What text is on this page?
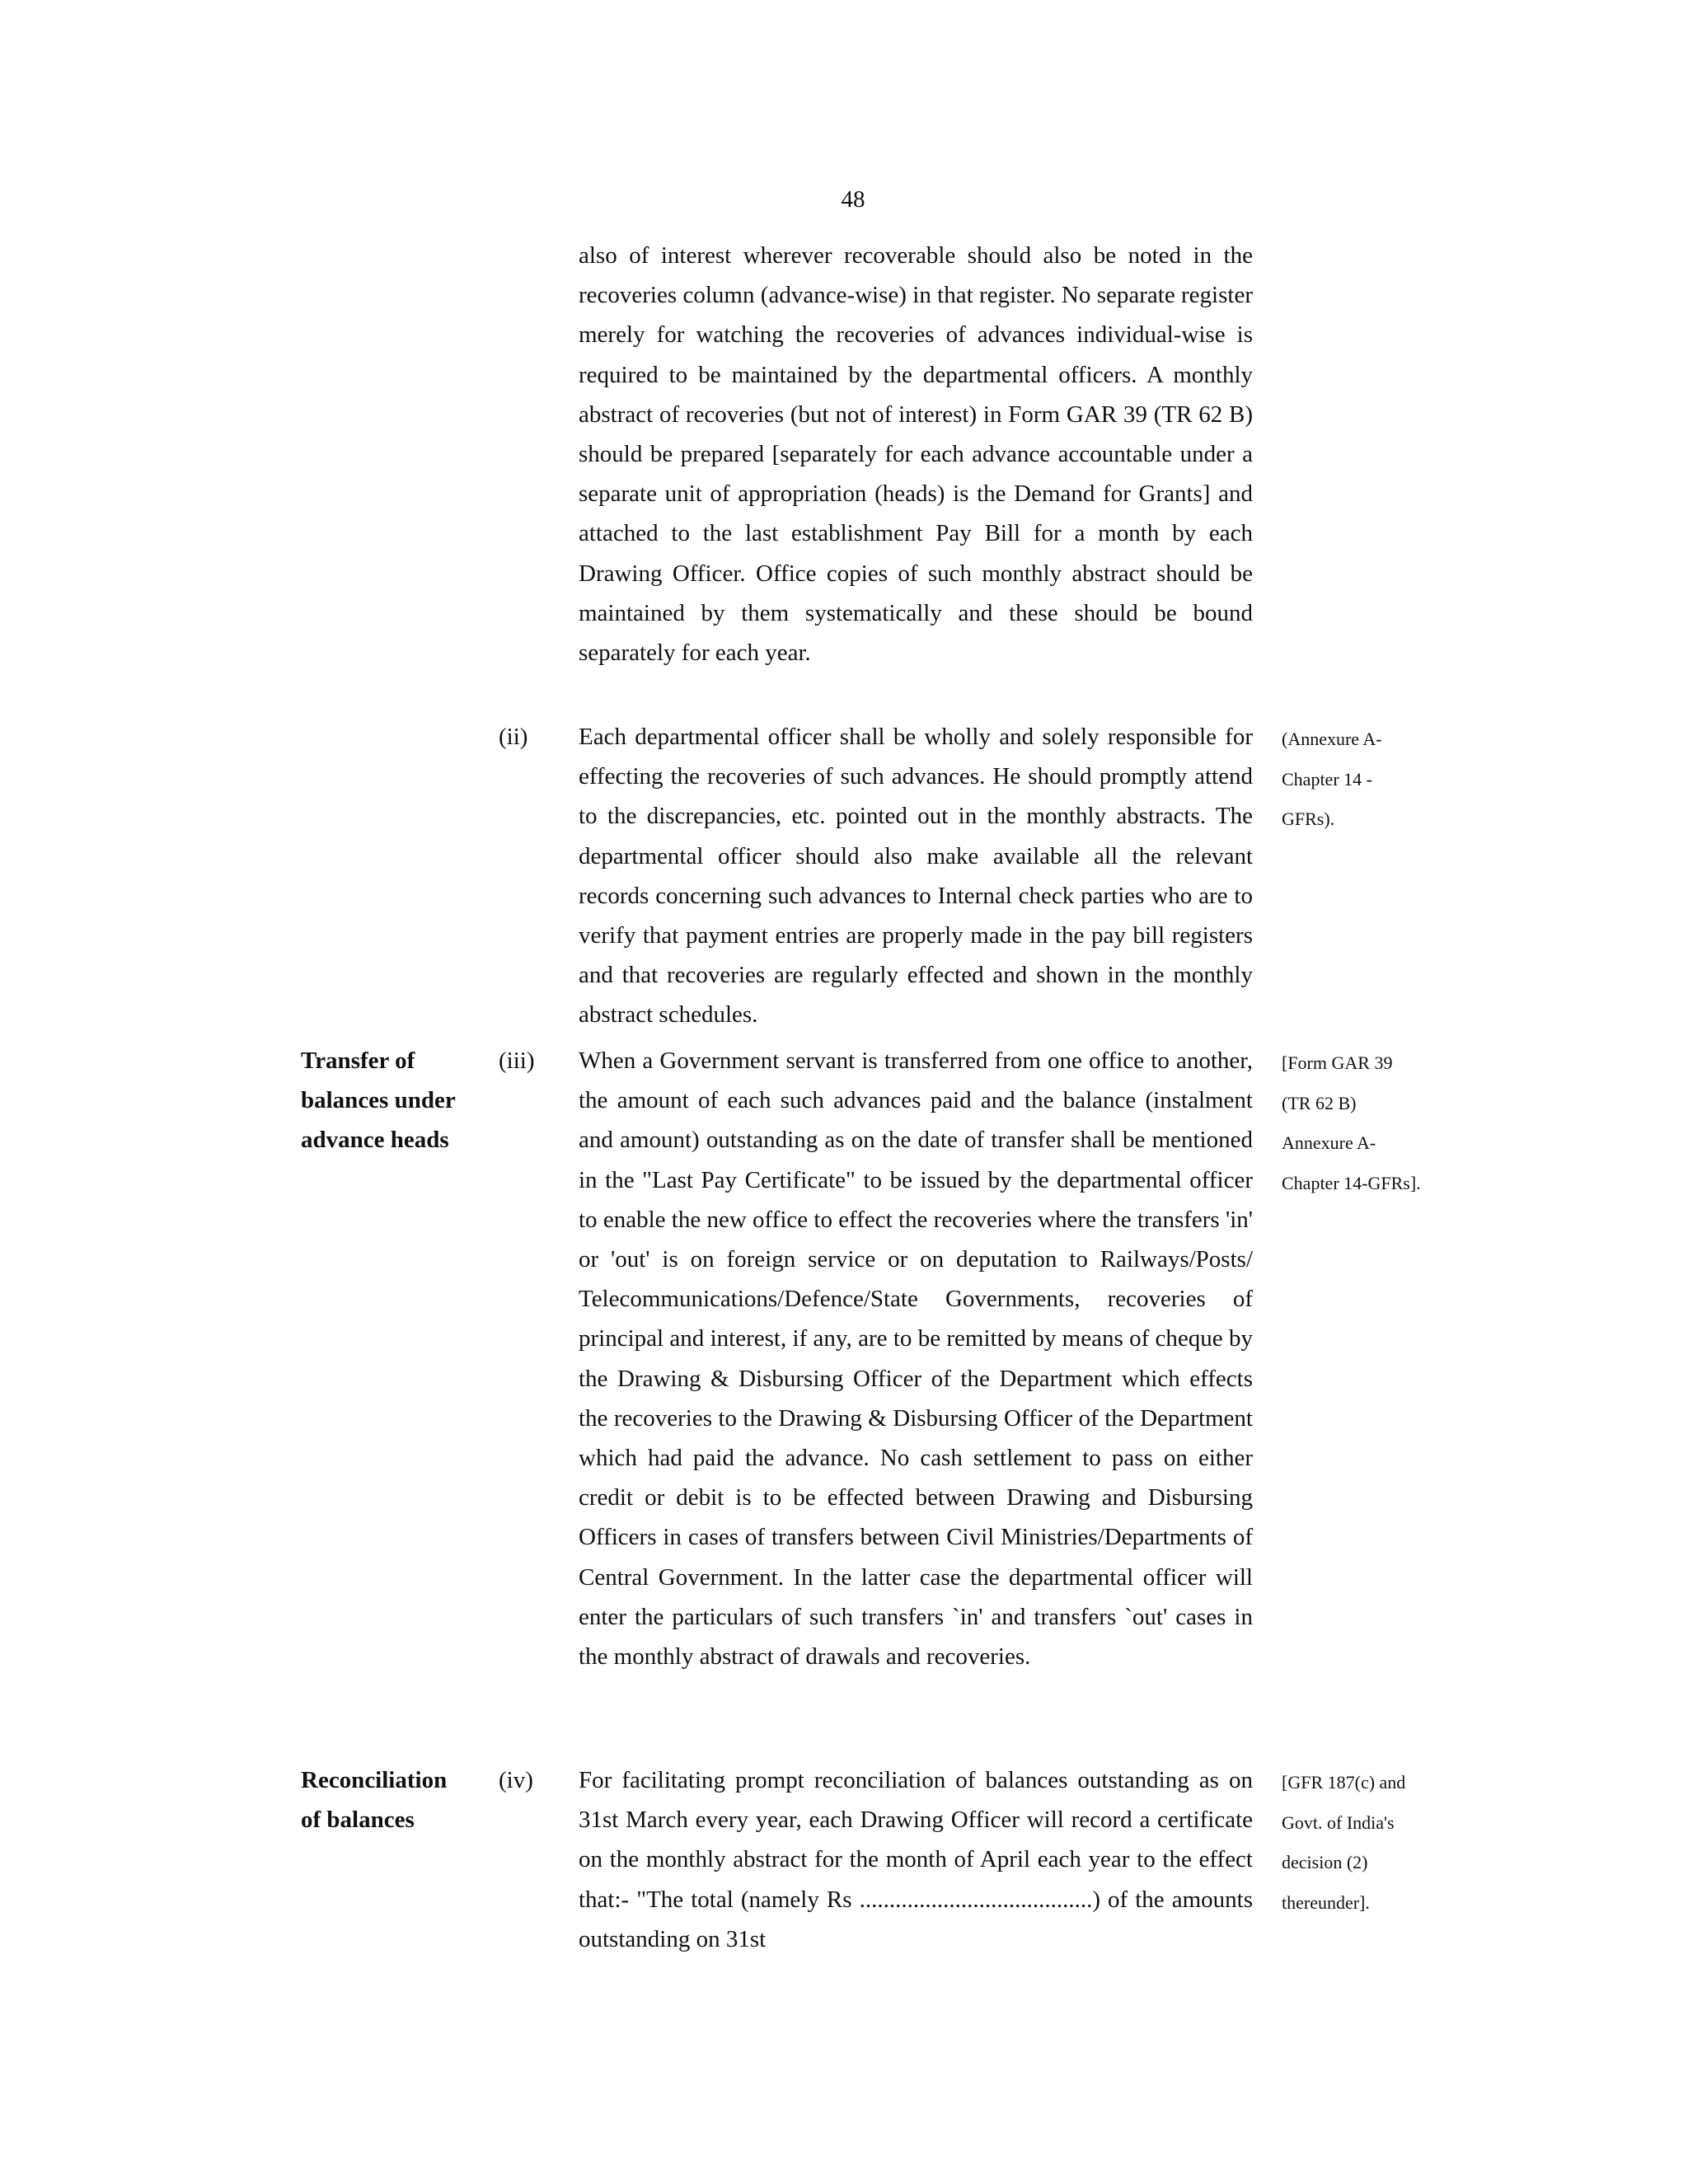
48
also of interest wherever recoverable should also be noted in the recoveries column (advance-wise) in that register. No separate register merely for watching the recoveries of advances individual-wise is required to be maintained by the departmental officers. A monthly abstract of recoveries (but not of interest) in Form GAR 39 (TR 62 B) should be prepared [separately for each advance accountable under a separate unit of appropriation (heads) is the Demand for Grants] and attached to the last establishment Pay Bill for a month by each Drawing Officer. Office copies of such monthly abstract should be maintained by them systematically and these should be bound separately for each year.
(ii)	Each departmental officer shall be wholly and solely responsible for effecting the recoveries of such advances. He should promptly attend to the discrepancies, etc. pointed out in the monthly abstracts. The departmental officer should also make available all the relevant records concerning such advances to Internal check parties who are to verify that payment entries are properly made in the pay bill registers and that recoveries are regularly effected and shown in the monthly abstract schedules.
(Annexure A-
Chapter 14 -
GFRs).
Transfer of
balances under
advance heads
(iii)	When a Government servant is transferred from one office to another, the amount of each such advances paid and the balance (instalment and amount) outstanding as on the date of transfer shall be mentioned in the "Last Pay Certificate" to be issued by the departmental officer to enable the new office to effect the recoveries where the transfers 'in' or 'out' is on foreign service or on deputation to Railways/Posts/ Telecommunications/Defence/State Governments, recoveries of principal and interest, if any, are to be remitted by means of cheque by the Drawing & Disbursing Officer of the Department which effects the recoveries to the Drawing & Disbursing Officer of the Department which had paid the advance. No cash settlement to pass on either credit or debit is to be effected between Drawing and Disbursing Officers in cases of transfers between Civil Ministries/Departments of Central Government. In the latter case the departmental officer will enter the particulars of such transfers `in' and transfers `out' cases in the monthly abstract of drawals and recoveries.
[Form GAR 39
(TR 62 B)
Annexure A-
Chapter 14-GFRs].
Reconciliation
of balances
(iv)	For facilitating prompt reconciliation of balances outstanding as on 31st March every year, each Drawing Officer will record a certificate on the monthly abstract for the month of April each year to the effect that:- "The total (namely Rs .......................................) of the amounts outstanding on 31st
[GFR 187(c) and
Govt. of India's
decision (2)
thereunder].
